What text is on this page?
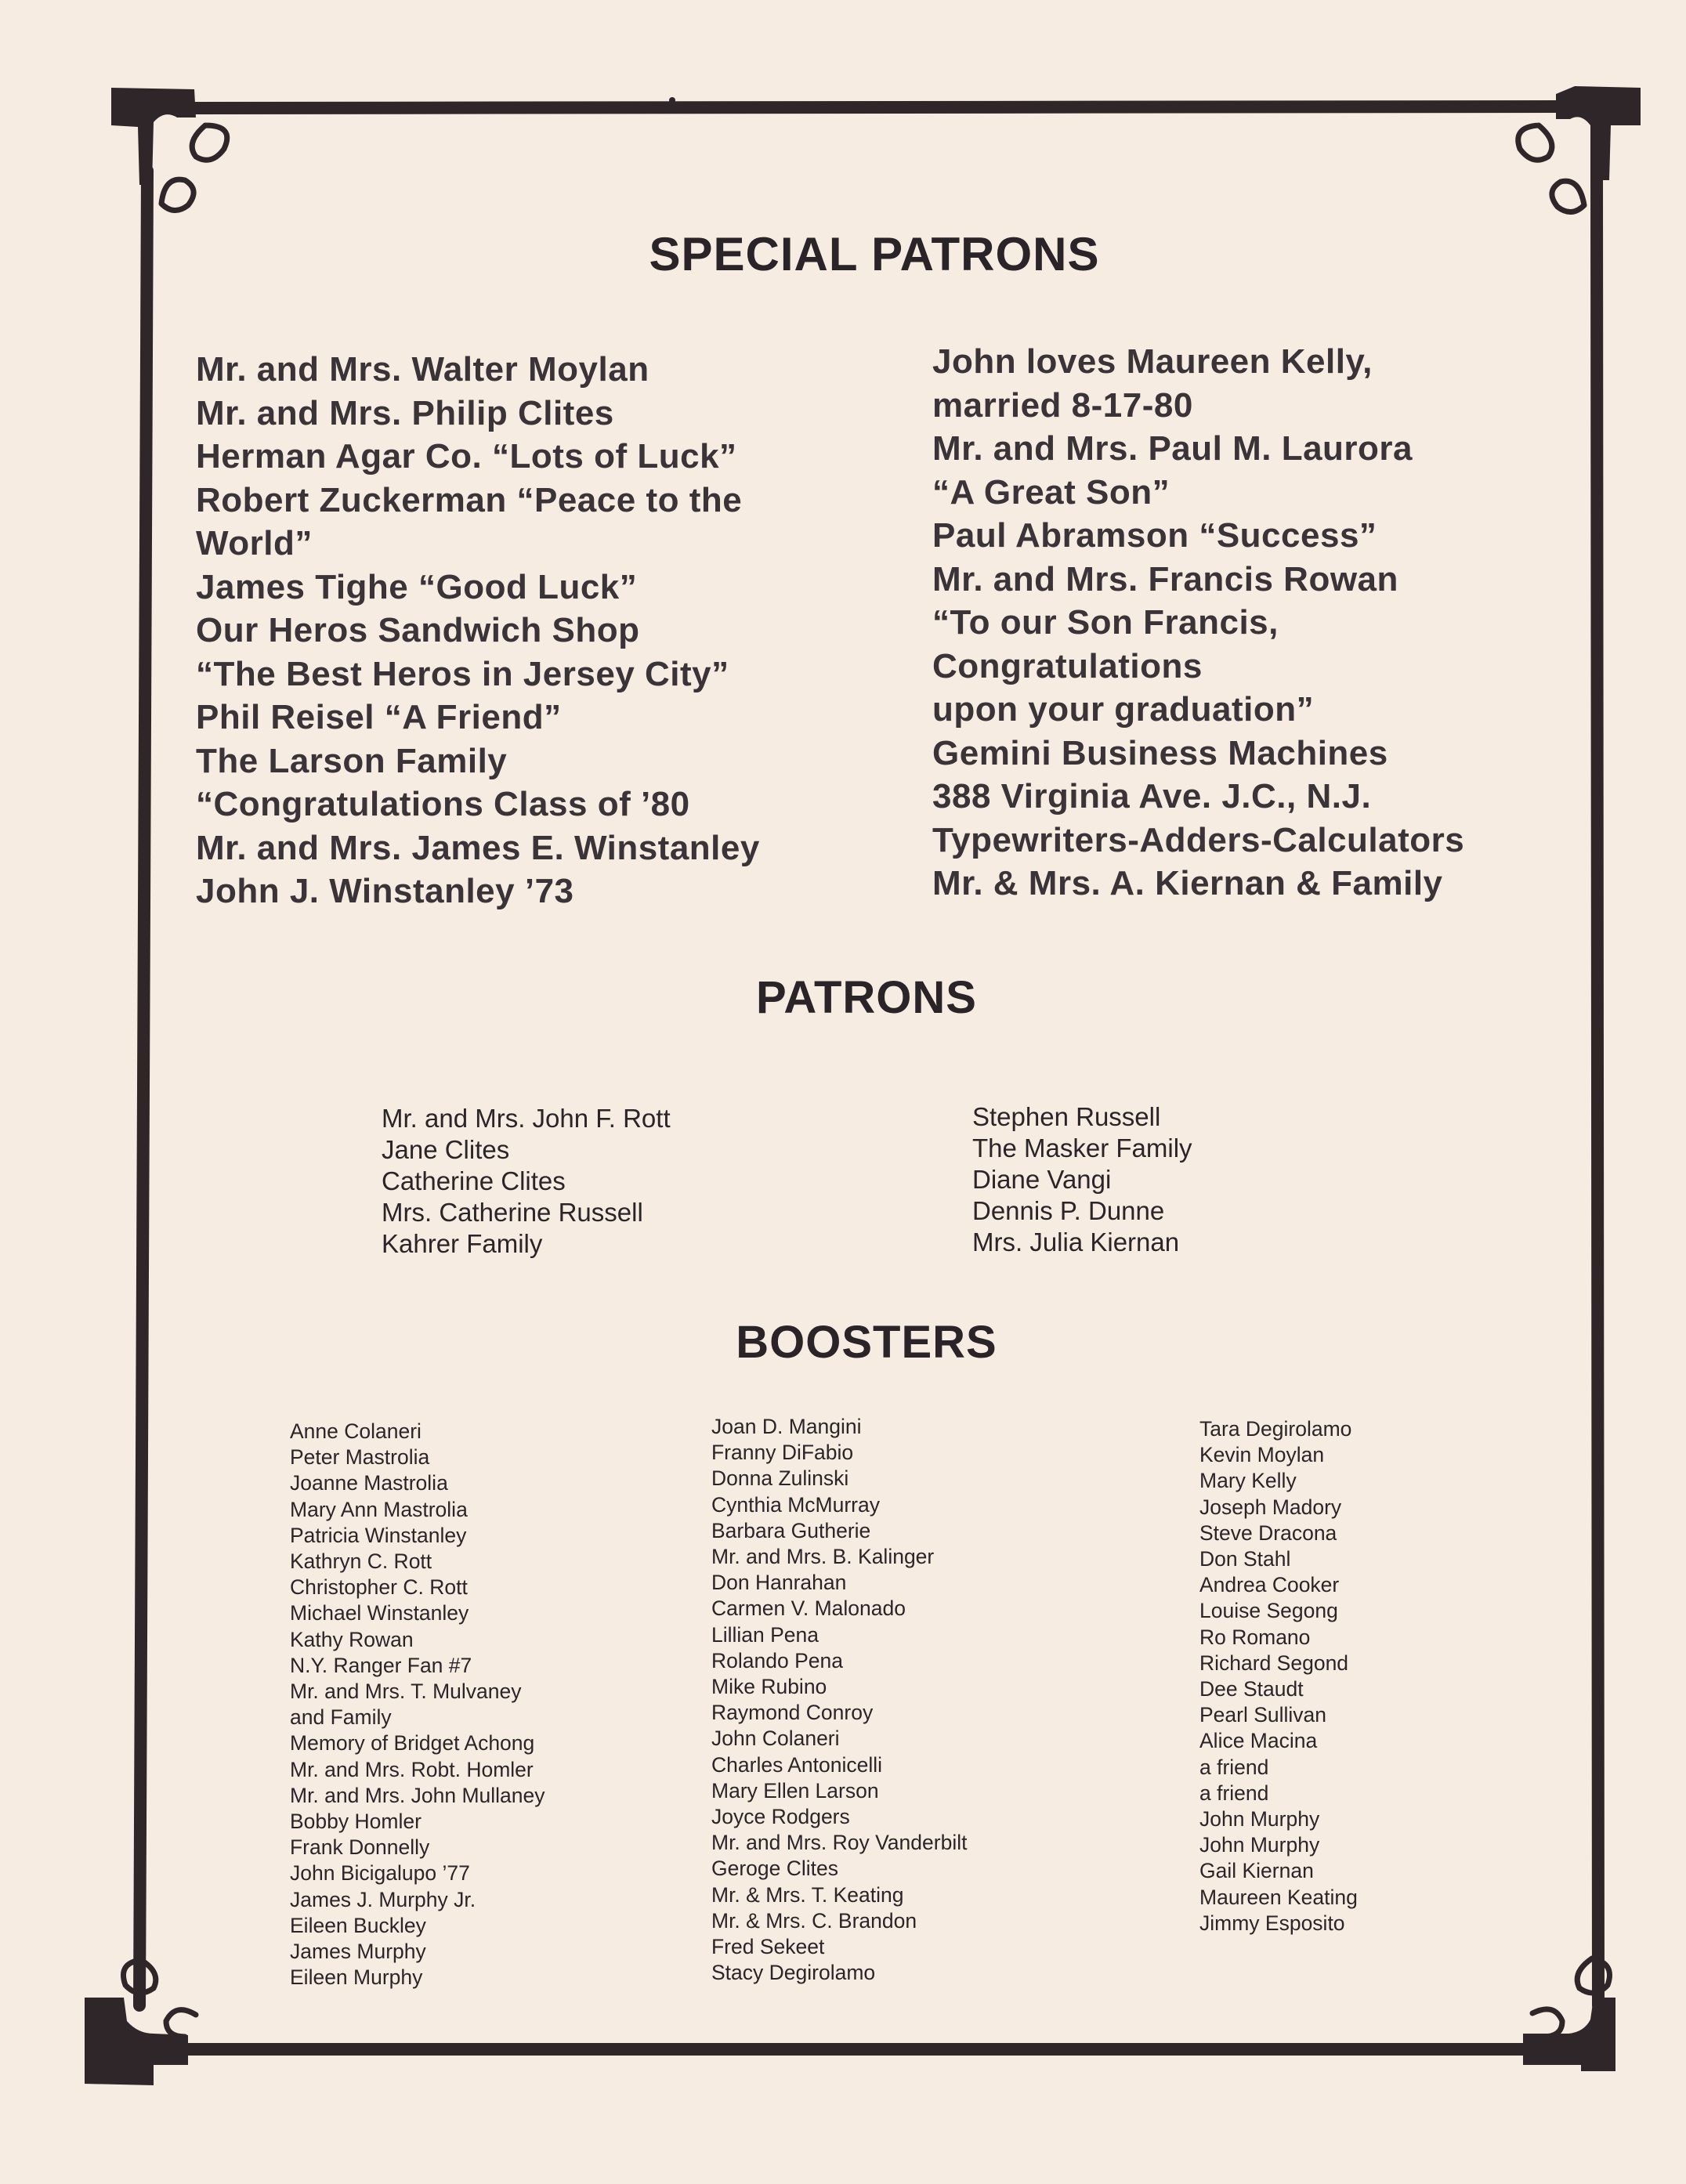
SPECIAL PATRONS
Mr. and Mrs. Walter Moylan
Mr. and Mrs. Philip Clites
Herman Agar Co. “Lots of Luck”
Robert Zuckerman “Peace to the
World”
James Tighe “Good Luck”
Our Heros Sandwich Shop
“The Best Heros in Jersey City”
Phil Reisel “A Friend”
The Larson Family
“Congratulations Class of ’80
Mr. and Mrs. James E. Winstanley
John J. Winstanley ’73
John loves Maureen Kelly,
married 8-17-80
Mr. and Mrs. Paul M. Laurora
“A Great Son”
Paul Abramson “Success”
Mr. and Mrs. Francis Rowan
“To our Son Francis,
Congratulations
upon your graduation”
Gemini Business Machines
388 Virginia Ave. J.C., N.J.
Typewriters-Adders-Calculators
Mr. & Mrs. A. Kiernan & Family
PATRONS
Mr. and Mrs. John F. Rott
Jane Clites
Catherine Clites
Mrs. Catherine Russell
Kahrer Family
Stephen Russell
The Masker Family
Diane Vangi
Dennis P. Dunne
Mrs. Julia Kiernan
BOOSTERS
Anne Colaneri
Peter Mastrolia
Joanne Mastrolia
Mary Ann Mastrolia
Patricia Winstanley
Kathryn C. Rott
Christopher C. Rott
Michael Winstanley
Kathy Rowan
N.Y. Ranger Fan #7
Mr. and Mrs. T. Mulvaney
and Family
Memory of Bridget Achong
Mr. and Mrs. Robt. Homler
Mr. and Mrs. John Mullaney
Bobby Homler
Frank Donnelly
John Bicigalupo ’77
James J. Murphy Jr.
Eileen Buckley
James Murphy
Eileen Murphy
Joan D. Mangini
Franny DiFabio
Donna Zulinski
Cynthia McMurray
Barbara Gutherie
Mr. and Mrs. B. Kalinger
Don Hanrahan
Carmen V. Malonado
Lillian Pena
Rolando Pena
Mike Rubino
Raymond Conroy
John Colaneri
Charles Antonicelli
Mary Ellen Larson
Joyce Rodgers
Mr. and Mrs. Roy Vanderbilt
Geroge Clites
Mr. & Mrs. T. Keating
Mr. & Mrs. C. Brandon
Fred Sekeet
Stacy Degirolamo
Tara Degirolamo
Kevin Moylan
Mary Kelly
Joseph Madory
Steve Dracona
Don Stahl
Andrea Cooker
Louise Segong
Ro Romano
Richard Segond
Dee Staudt
Pearl Sullivan
Alice Macina
a friend
a friend
John Murphy
John Murphy
Gail Kiernan
Maureen Keating
Jimmy Esposito
